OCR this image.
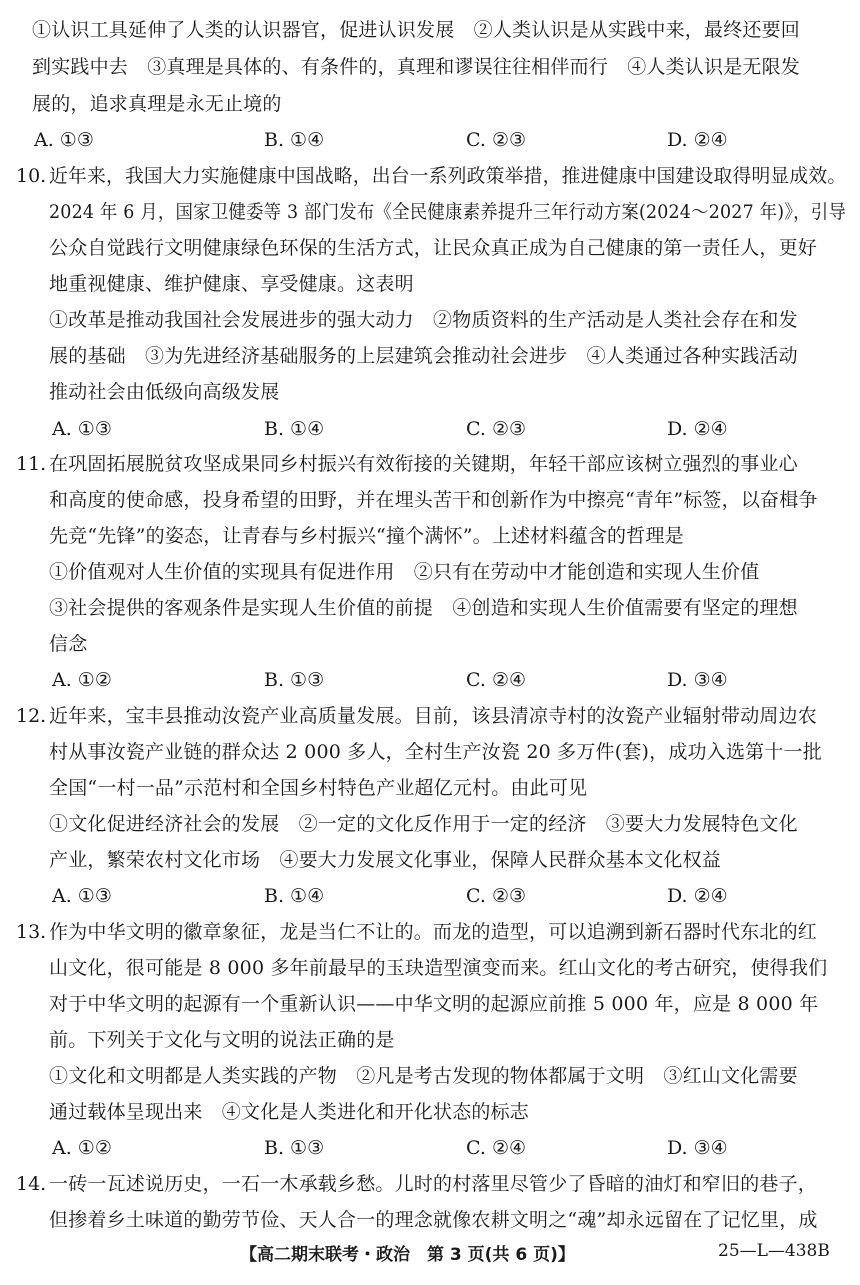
①认识工具延伸了人类的认识器官，促进认识发展　②人类认识是从实践中来，最终还要回
到实践中去　③真理是具体的、有条件的，真理和谬误往往相伴而行　④人类认识是无限发
展的，追求真理是永无止境的
A. ①③	B. ①④	C. ②③	D. ②④
10. 近年来，我国大力实施健康中国战略，出台一系列政策举措，推进健康中国建设取得明显成效。
2024 年 6 月，国家卫健委等 3 部门发布《全民健康素养提升三年行动方案(2024～2027 年)》，引导
公众自觉践行文明健康绿色环保的生活方式，让民众真正成为自己健康的第一责任人，更好
地重视健康、维护健康、享受健康。这表明
①改革是推动我国社会发展进步的强大动力　②物质资料的生产活动是人类社会存在和发
展的基础　③为先进经济基础服务的上层建筑会推动社会进步　④人类通过各种实践活动
推动社会由低级向高级发展
A. ①③	B. ①④	C. ②③	D. ②④
11. 在巩固拓展脱贫攻坚成果同乡村振兴有效衔接的关键期，年轻干部应该树立强烈的事业心
和高度的使命感，投身希望的田野，并在埋头苦干和创新作为中擦亮“青年”标签，以奋楫争
先竞“先锋”的姿态，让青春与乡村振兴“撞个满怀”。上述材料蕴含的哲理是
①价值观对人生价值的实现具有促进作用　②只有在劳动中才能创造和实现人生价值
③社会提供的客观条件是实现人生价值的前提　④创造和实现人生价值需要有坚定的理想
信念
A. ①②	B. ①③	C. ②④	D. ③④
12. 近年来，宝丰县推动汝瓷产业高质量发展。目前，该县清凉寺村的汝瓷产业辐射带动周边农
村从事汝瓷产业链的群众达 2 000 多人，全村生产汝瓷 20 多万件(套)，成功入选第十一批
全国“一村一品”示范村和全国乡村特色产业超亿元村。由此可见
①文化促进经济社会的发展　②一定的文化反作用于一定的经济　③要大力发展特色文化
产业，繁荣农村文化市场　④要大力发展文化事业，保障人民群众基本文化权益
A. ①③	B. ①④	C. ②③	D. ②④
13. 作为中华文明的徽章象征，龙是当仁不让的。而龙的造型，可以追溯到新石器时代东北的红
山文化，很可能是 8 000 多年前最早的玉玦造型演变而来。红山文化的考古研究，使得我们
对于中华文明的起源有一个重新认识——中华文明的起源应前推 5 000 年，应是 8 000 年
前。下列关于文化与文明的说法正确的是
①文化和文明都是人类实践的产物　②凡是考古发现的物体都属于文明　③红山文化需要
通过载体呈现出来　④文化是人类进化和开化状态的标志
A. ①②	B. ①③	C. ②④	D. ③④
14. 一砖一瓦述说历史，一石一木承载乡愁。儿时的村落里尽管少了昏暗的油灯和窄旧的巷子，
但掺着乡土味道的勤劳节俭、天人合一的理念就像农耕文明之“魂”却永远留在了记忆里，成
【高二期末联考・政治　第 3 页(共 6 页)】	25—L—438B
